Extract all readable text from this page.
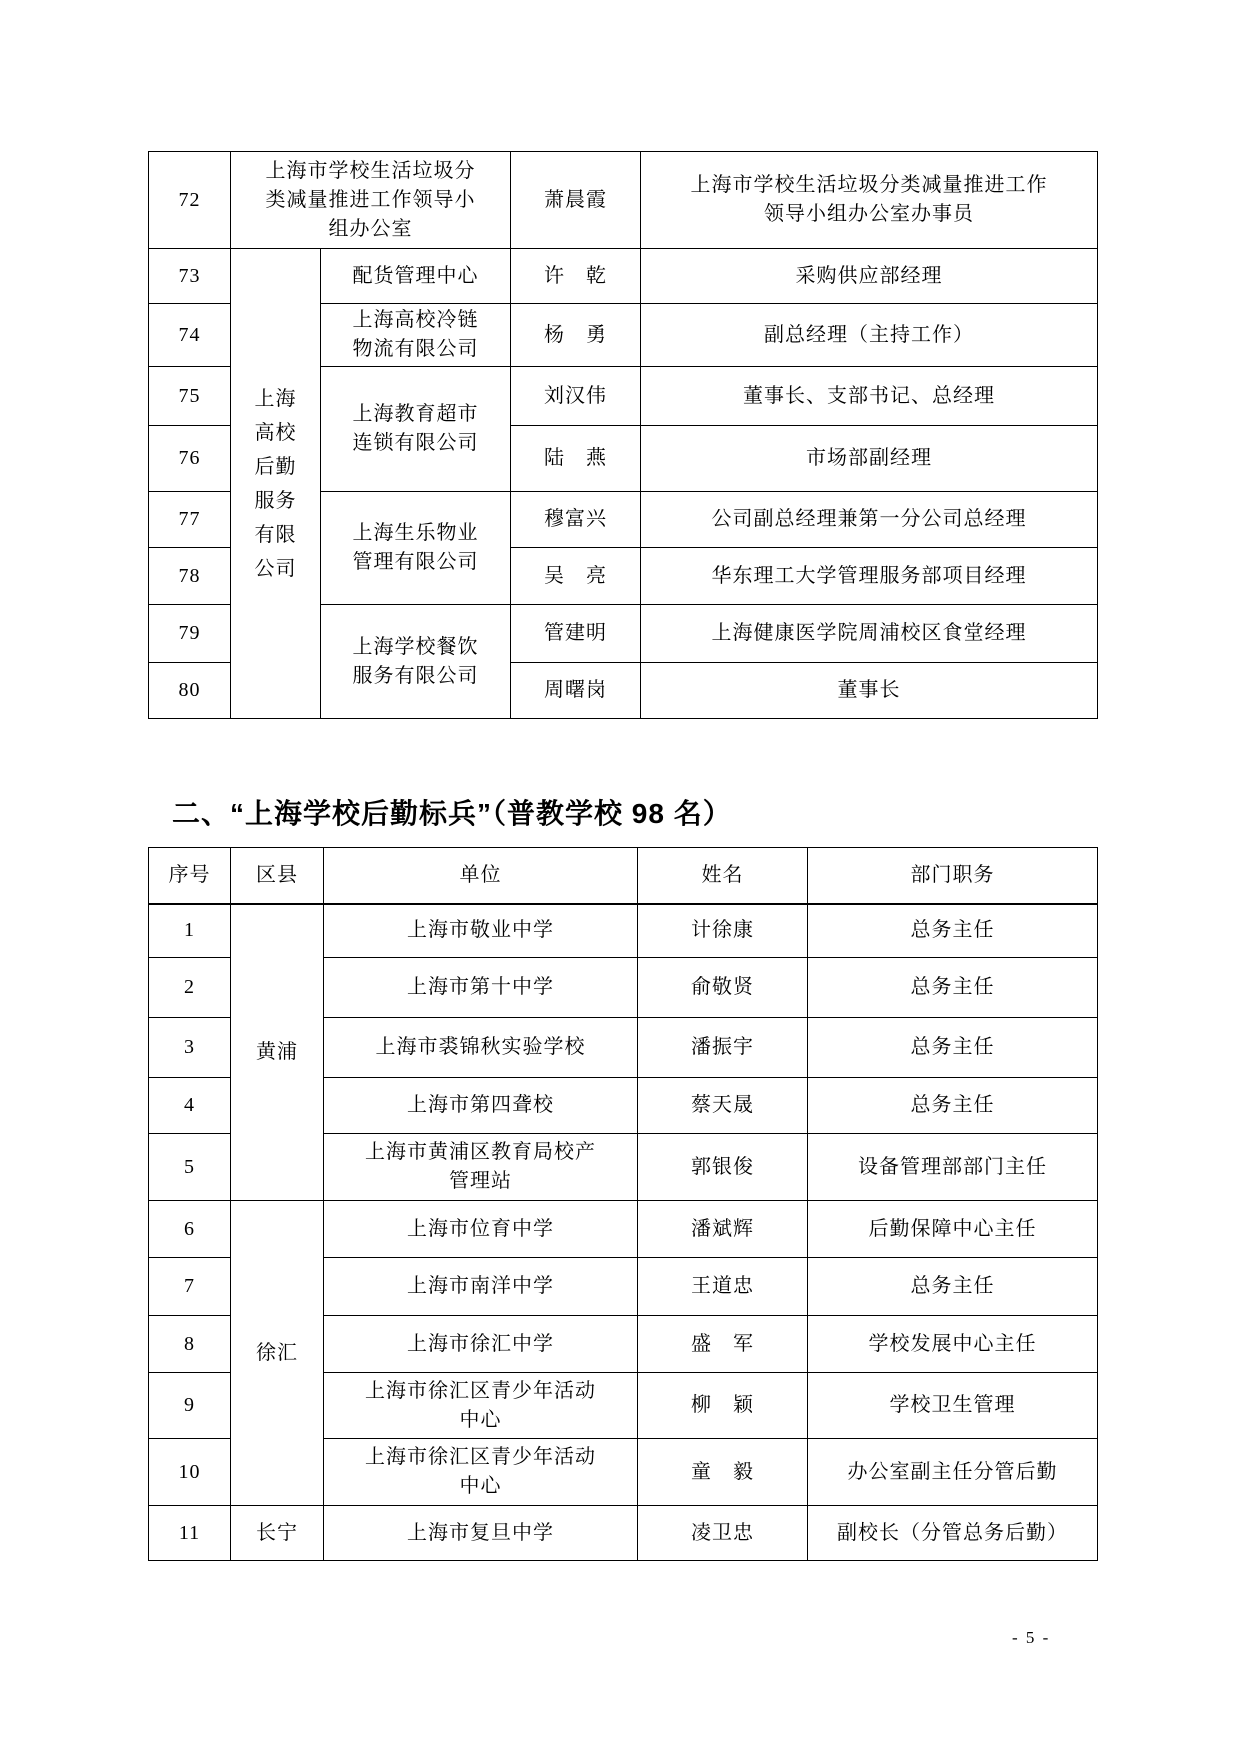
72	上海市学校生活垃圾分类减量推进工作领导小组办公室		萧晨霞	上海市学校生活垃圾分类减量推进工作领导小组办公室办事员

73	上海高校后勤服务有限公司	配货管理中心	许　乾	采购供应部经理
74		上海高校冷链物流有限公司	杨　勇	副总经理（主持工作）
75		上海教育超市连锁有限公司	刘汉伟	董事长、支部书记、总经理
76			陆　燕	市场部副经理
77		上海生乐物业管理有限公司	穆富兴	公司副总经理兼第一分公司总经理
78			吴　亮	华东理工大学管理服务部项目经理
79		上海学校餐饮服务有限公司	管建明	上海健康医学院周浦校区食堂经理
80			周曙岗	董事长
二、“上海学校后勤标兵”（普教学校 98 名）
序号	区县	单位	姓名	部门职务
1	黄浦	上海市敬业中学	计徐康	总务主任
2		上海市第十中学	俞敬贤	总务主任
3		上海市裘锦秋实验学校	潘振宇	总务主任
4		上海市第四聋校	蔡天晟	总务主任
5		上海市黄浦区教育局校产管理站	郭银俊	设备管理部部门主任
6	徐汇	上海市位育中学	潘斌辉	后勤保障中心主任
7		上海市南洋中学	王道忠	总务主任
8		上海市徐汇中学	盛　军	学校发展中心主任
9		上海市徐汇区青少年活动中心	柳　颖	学校卫生管理
10		上海市徐汇区青少年活动中心	童　毅	办公室副主任分管后勤
11	长宁	上海市复旦中学	凌卫忠	副校长（分管总务后勤）
- 5 -
